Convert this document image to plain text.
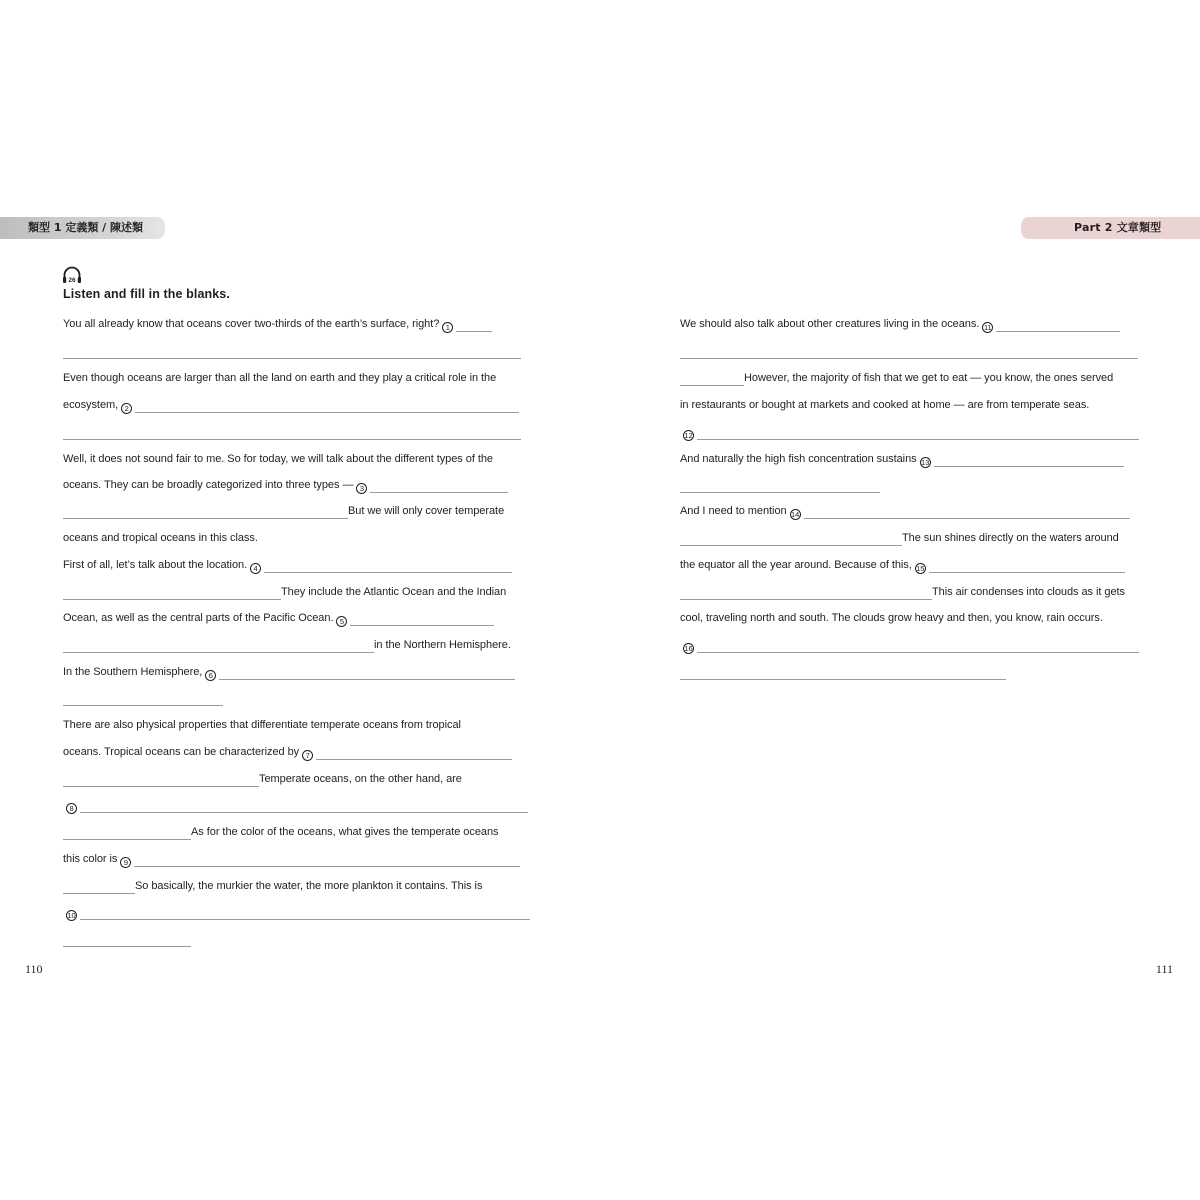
類型 1 定義類 / 陳述類	Part 2 文章類型
26
Listen and fill in the blanks.
You all already know that oceans cover two-thirds of the earth’s surface, right? 1
Even though oceans are larger than all the land on earth and they play a critical role in the
ecosystem, 2
Well, it does not sound fair to me. So for today, we will talk about the different types of the
oceans. They can be broadly categorized into three types — 3
But we will only cover temperate
oceans and tropical oceans in this class.
First of all, let’s talk about the location. 4
They include the Atlantic Ocean and the Indian
Ocean, as well as the central parts of the Pacific Ocean. 5
in the Northern Hemisphere.
In the Southern Hemisphere, 6
There are also physical properties that differentiate temperate oceans from tropical
oceans. Tropical oceans can be characterized by 7
Temperate oceans, on the other hand, are
8
As for the color of the oceans, what gives the temperate oceans
this color is 9
So basically, the murkier the water, the more plankton it contains. This is
10
We should also talk about other creatures living in the oceans. 11
However, the majority of fish that we get to eat — you know, the ones served
in restaurants or bought at markets and cooked at home — are from temperate seas.
12
And naturally the high fish concentration sustains 13
And I need to mention 14
The sun shines directly on the waters around
the equator all the year around. Because of this, 15
This air condenses into clouds as it gets
cool, traveling north and south. The clouds grow heavy and then, you know, rain occurs.
16
110	111
